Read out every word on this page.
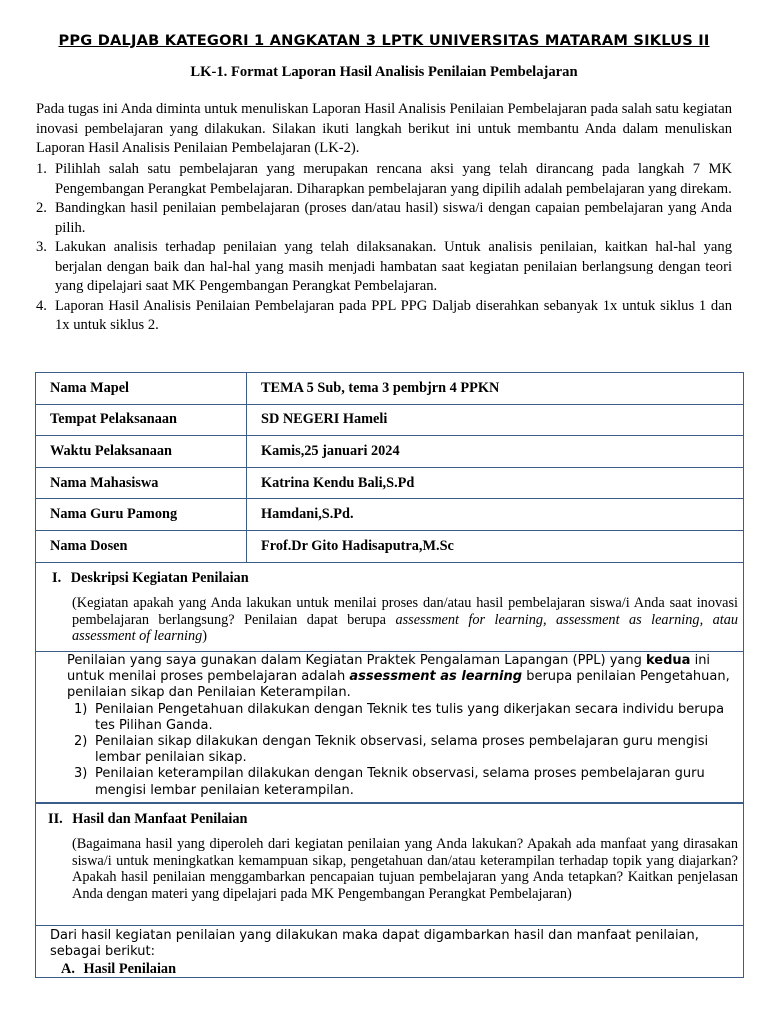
PPG DALJAB KATEGORI 1 ANGKATAN 3 LPTK UNIVERSITAS MATARAM SIKLUS II
LK-1. Format Laporan Hasil Analisis Penilaian Pembelajaran
Pada tugas ini Anda diminta untuk menuliskan Laporan Hasil Analisis Penilaian Pembelajaran pada salah satu kegiatan inovasi pembelajaran yang dilakukan. Silakan ikuti langkah berikut ini untuk membantu Anda dalam menuliskan Laporan Hasil Analisis Penilaian Pembelajaran (LK-2).
1. Pilihlah salah satu pembelajaran yang merupakan rencana aksi yang telah dirancang pada langkah 7 MK Pengembangan Perangkat Pembelajaran. Diharapkan pembelajaran yang dipilih adalah pembelajaran yang direkam.
2. Bandingkan hasil penilaian pembelajaran (proses dan/atau hasil) siswa/i dengan capaian pembelajaran yang Anda pilih.
3. Lakukan analisis terhadap penilaian yang telah dilaksanakan. Untuk analisis penilaian, kaitkan hal-hal yang berjalan dengan baik dan hal-hal yang masih menjadi hambatan saat kegiatan penilaian berlangsung dengan teori yang dipelajari saat MK Pengembangan Perangkat Pembelajaran.
4. Laporan Hasil Analisis Penilaian Pembelajaran pada PPL PPG Daljab diserahkan sebanyak 1x untuk siklus 1 dan 1x untuk siklus 2.
Nama Mapel	TEMA 5 Sub, tema 3 pembjrn 4 PPKN
Tempat Pelaksanaan	SD NEGERI Hameli
Waktu Pelaksanaan	Kamis,25 januari 2024
Nama Mahasiswa	Katrina Kendu Bali,S.Pd
Nama Guru Pamong	Hamdani,S.Pd.
Nama Dosen	Frof.Dr Gito Hadisaputra,M.Sc
I. Deskripsi Kegiatan Penilaian
(Kegiatan apakah yang Anda lakukan untuk menilai proses dan/atau hasil pembelajaran siswa/i Anda saat inovasi pembelajaran berlangsung? Penilaian dapat berupa assessment for learning, assessment as learning, atau assessment of learning)
Penilaian yang saya gunakan dalam Kegiatan Praktek Pengalaman Lapangan (PPL) yang kedua ini untuk menilai proses pembelajaran adalah assessment as learning berupa penilaian Pengetahuan, penilaian sikap dan Penilaian Keterampilan.
1) Penilaian Pengetahuan dilakukan dengan Teknik tes tulis yang dikerjakan secara individu berupa tes Pilihan Ganda.
2) Penilaian sikap dilakukan dengan Teknik observasi, selama proses pembelajaran guru mengisi lembar penilaian sikap.
3) Penilaian keterampilan dilakukan dengan Teknik observasi, selama proses pembelajaran guru mengisi lembar penilaian keterampilan.
II. Hasil dan Manfaat Penilaian
(Bagaimana hasil yang diperoleh dari kegiatan penilaian yang Anda lakukan? Apakah ada manfaat yang dirasakan siswa/i untuk meningkatkan kemampuan sikap, pengetahuan dan/atau keterampilan terhadap topik yang diajarkan? Apakah hasil penilaian menggambarkan pencapaian tujuan pembelajaran yang Anda tetapkan? Kaitkan penjelasan Anda dengan materi yang dipelajari pada MK Pengembangan Perangkat Pembelajaran)
Dari hasil kegiatan penilaian yang dilakukan maka dapat digambarkan hasil dan manfaat penilaian, sebagai berikut:
A. Hasil Penilaian
